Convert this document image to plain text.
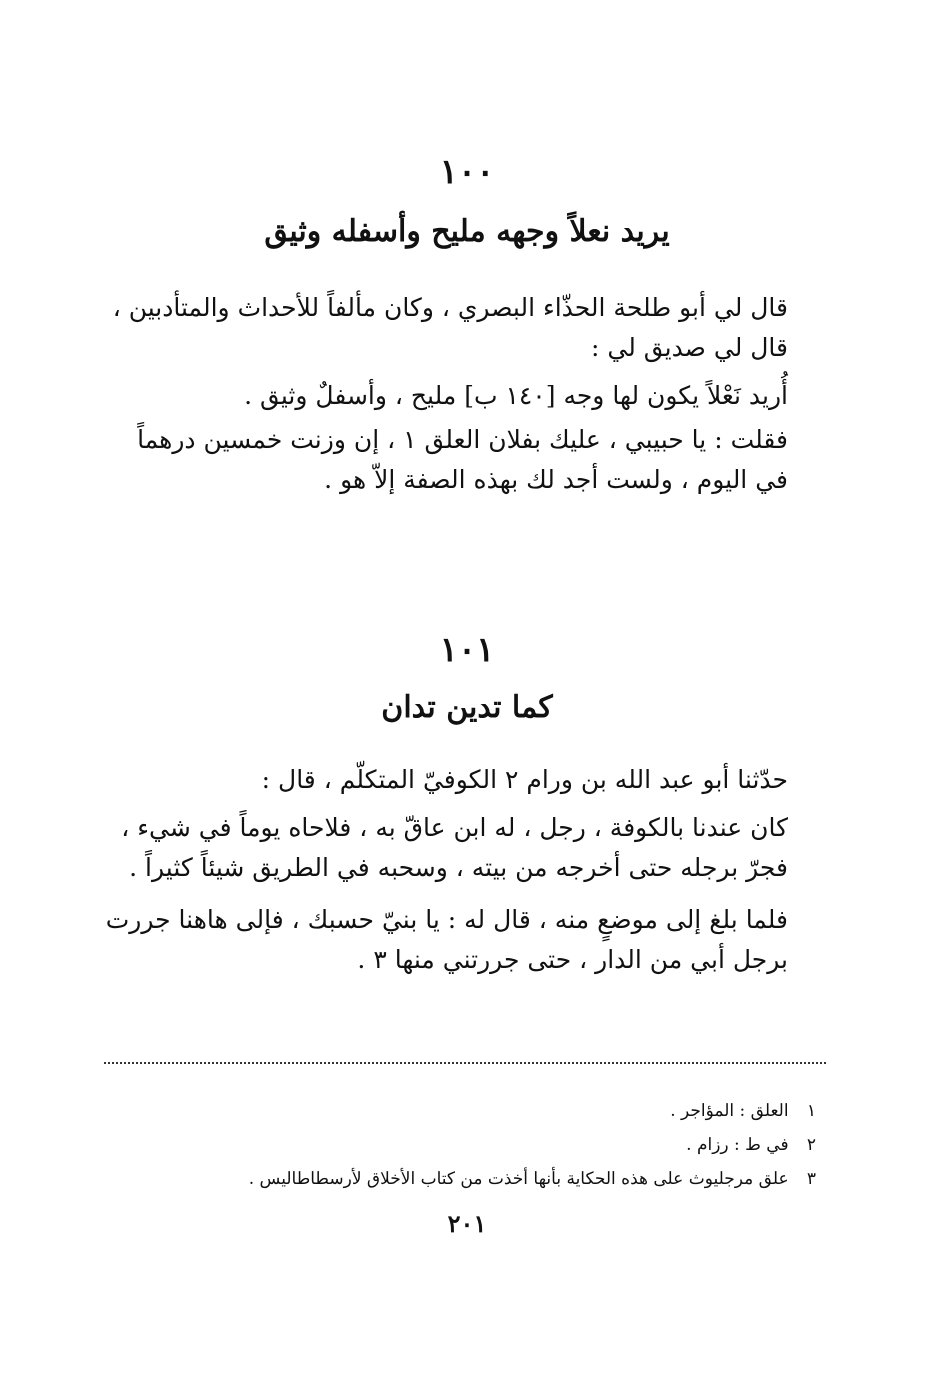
١٠٠
يريد نعلاً وجهه مليح وأسفله وثيق

قال لي أبو طلحة الحذّاء البصري ، وكان مألفاً للأحداث والمتأدبين ، قال لي صديق لي :

أُريد نَعْلاً يكون لها وجه [١٤٠ ب] مليح ، وأسفلٌ وثيق .

فقلت : يا حبيبي ، عليك بفلان العلق ١ ، إن وزنت خمسين درهماً في اليوم ، ولست أجد لك بهذه الصفة إلاّ هو .

١٠١
كما تدين تدان

حدّثنا أبو عبد الله بن ورام ٢ الكوفيّ المتكلّم ، قال :

كان عندنا بالكوفة ، رجل ، له ابن عاقّ به ، فلاحاه يوماً في شيء ، فجرّ برجله حتى أخرجه من بيته ، وسحبه في الطريق شيئاً كثيراً .

فلما بلغ إلى موضعٍ منه ، قال له : يا بنيّ حسبك ، فإلى هاهنا جررت برجل أبي من الدار ، حتى جررتني منها ٣ .

١ العلق : المؤاجر .
٢ في ط : رزام .
٣ علق مرجليوث على هذه الحكاية بأنها أخذت من كتاب الأخلاق لأرسطاطاليس .
٢٠١
